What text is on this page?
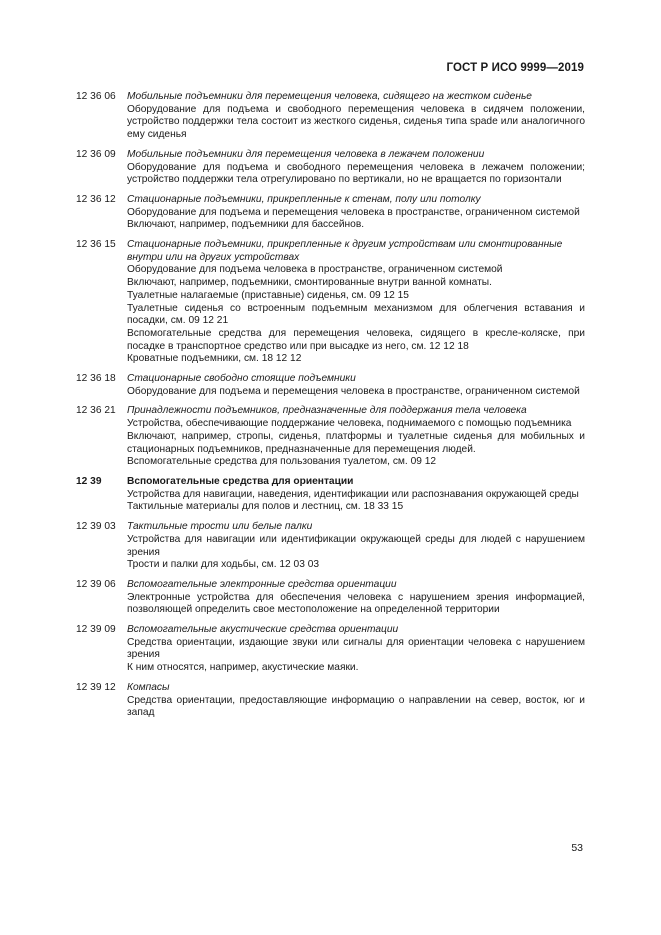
ГОСТ Р ИСО 9999—2019
12 36 06	Мобильные подъемники для перемещения человека, сидящего на жестком сиденье
Оборудование для подъема и свободного перемещения человека в сидячем положении, устройство поддержки тела состоит из жесткого сиденья, сиденья типа spade или аналогичного ему сиденья
12 36 09	Мобильные подъемники для перемещения человека в лежачем положении
Оборудование для подъема и свободного перемещения человека в лежачем положении; устройство поддержки тела отрегулировано по вертикали, но не вращается по горизонтали
12 36 12	Стационарные подъемники, прикрепленные к стенам, полу или потолку
Оборудование для подъема и перемещения человека в пространстве, ограниченном системой
Включают, например, подъемники для бассейнов.
12 36 15	Стационарные подъемники, прикрепленные к другим устройствам или смонтированные внутри или на других устройствах
Оборудование для подъема человека в пространстве, ограниченном системой
Включают, например, подъемники, смонтированные внутри ванной комнаты.
Туалетные налагаемые (приставные) сиденья, см. 09 12 15
Туалетные сиденья со встроенным подъемным механизмом для облегчения вставания и посадки, см. 09 12 21
Вспомогательные средства для перемещения человека, сидящего в кресле-коляске, при посадке в транспортное средство или при высадке из него, см. 12 12 18
Кроватные подъемники, см. 18 12 12
12 36 18	Стационарные свободно стоящие подъемники
Оборудование для подъема и перемещения человека в пространстве, ограниченном системой
12 36 21	Принадлежности подъемников, предназначенные для поддержания тела человека
Устройства, обеспечивающие поддержание человека, поднимаемого с помощью подъемника
Включают, например, стропы, сиденья, платформы и туалетные сиденья для мобильных и стационарных подъемников, предназначенные для перемещения людей.
Вспомогательные средства для пользования туалетом, см. 09 12
12 39	Вспомогательные средства для ориентации
Устройства для навигации, наведения, идентификации или распознавания окружающей среды
Тактильные материалы для полов и лестниц, см. 18 33 15
12 39 03	Тактильные трости или белые палки
Устройства для навигации или идентификации окружающей среды для людей с нарушением зрения
Трости и палки для ходьбы, см. 12 03 03
12 39 06	Вспомогательные электронные средства ориентации
Электронные устройства для обеспечения человека с нарушением зрения информацией, позволяющей определить свое местоположение на определенной территории
12 39 09	Вспомогательные акустические средства ориентации
Средства ориентации, издающие звуки или сигналы для ориентации человека с нарушением зрения
К ним относятся, например, акустические маяки.
12 39 12	Компасы
Средства ориентации, предоставляющие информацию о направлении на север, восток, юг и запад
53
